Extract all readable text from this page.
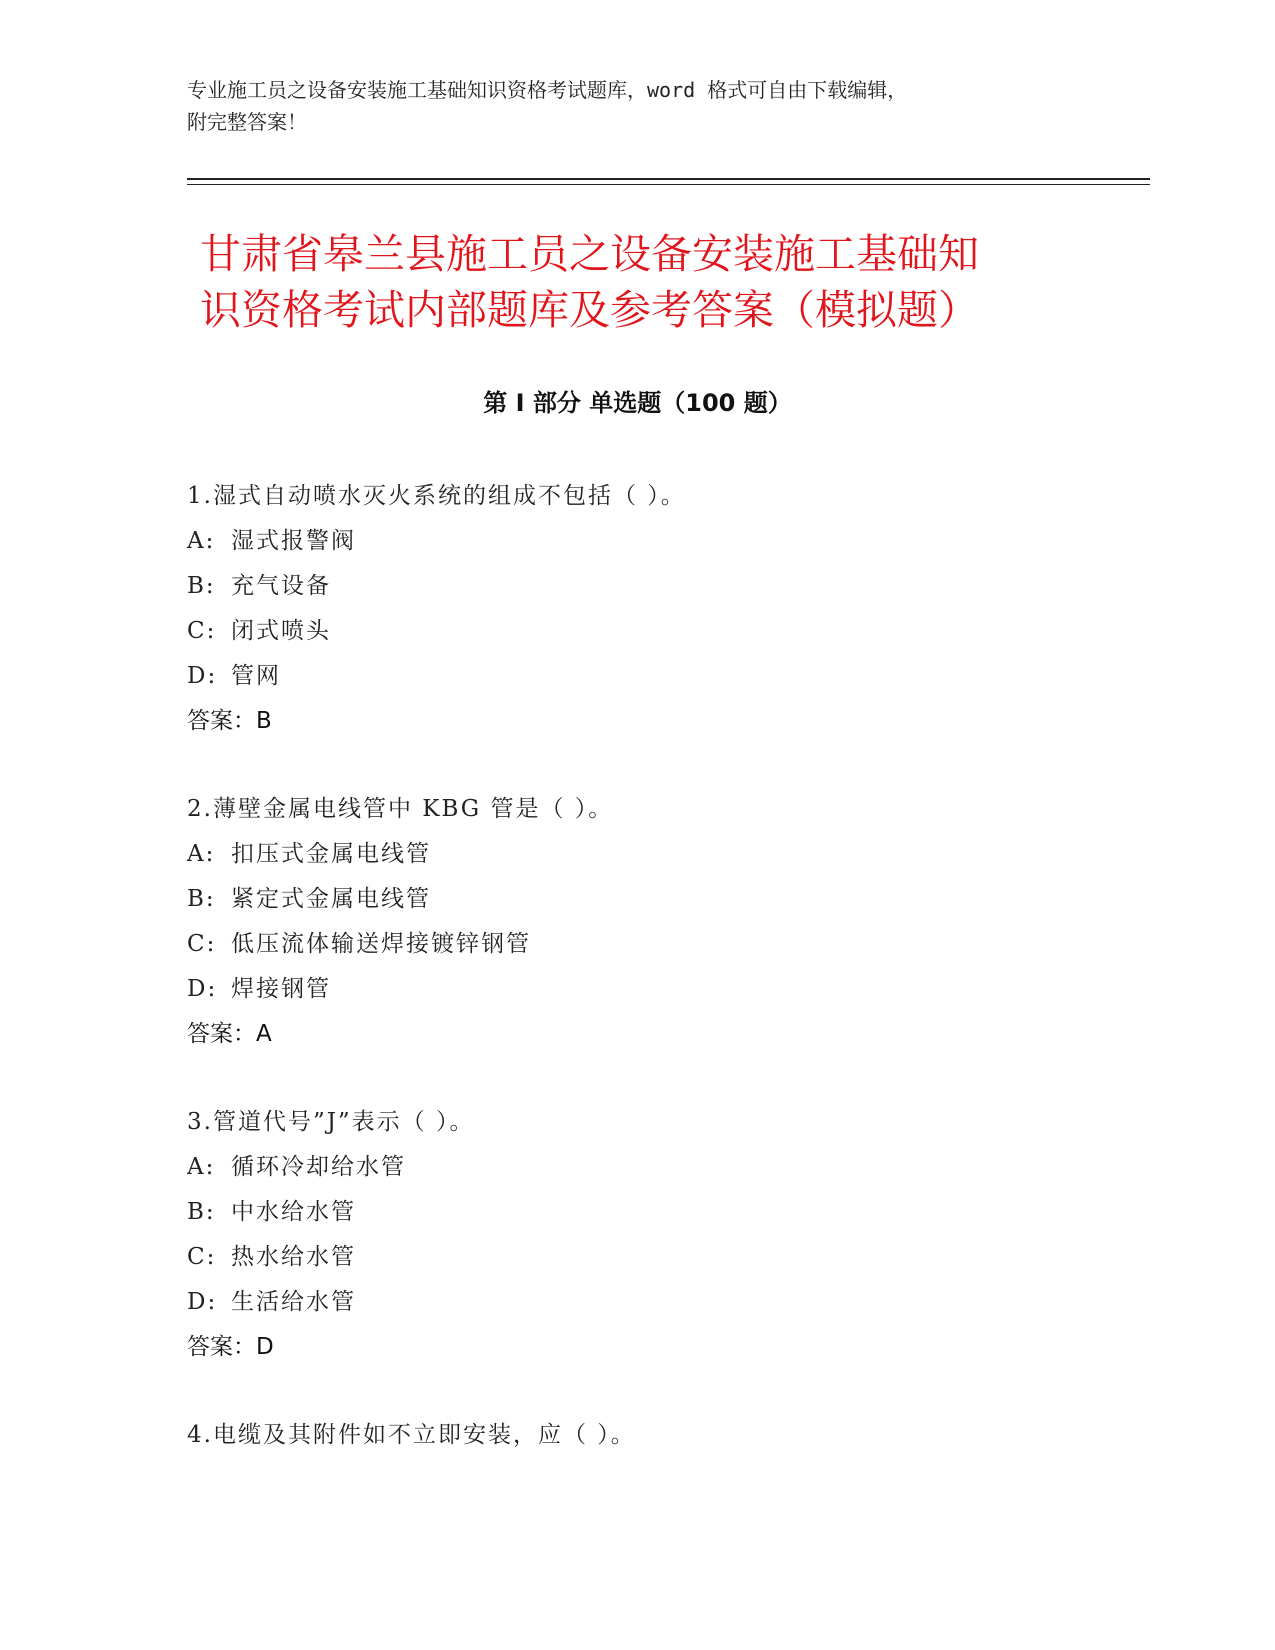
专业施工员之设备安装施工基础知识资格考试题库，word 格式可自由下载编辑，
附完整答案！

甘肃省皋兰县施工员之设备安装施工基础知
识资格考试内部题库及参考答案（模拟题）
第 I 部分 单选题（100 题）

1.湿式自动喷水灭火系统的组成不包括（ ）。

A: 湿式报警阀

B: 充气设备

C: 闭式喷头

D: 管网

答案：B

2.薄壁金属电线管中 KBG 管是（ ）。

A: 扣压式金属电线管

B: 紧定式金属电线管

C: 低压流体输送焊接镀锌钢管

D: 焊接钢管

答案：A

3.管道代号”J”表示（ ）。

A: 循环冷却给水管

B: 中水给水管

C: 热水给水管

D: 生活给水管

答案：D

4.电缆及其附件如不立即安装，应（ ）。
